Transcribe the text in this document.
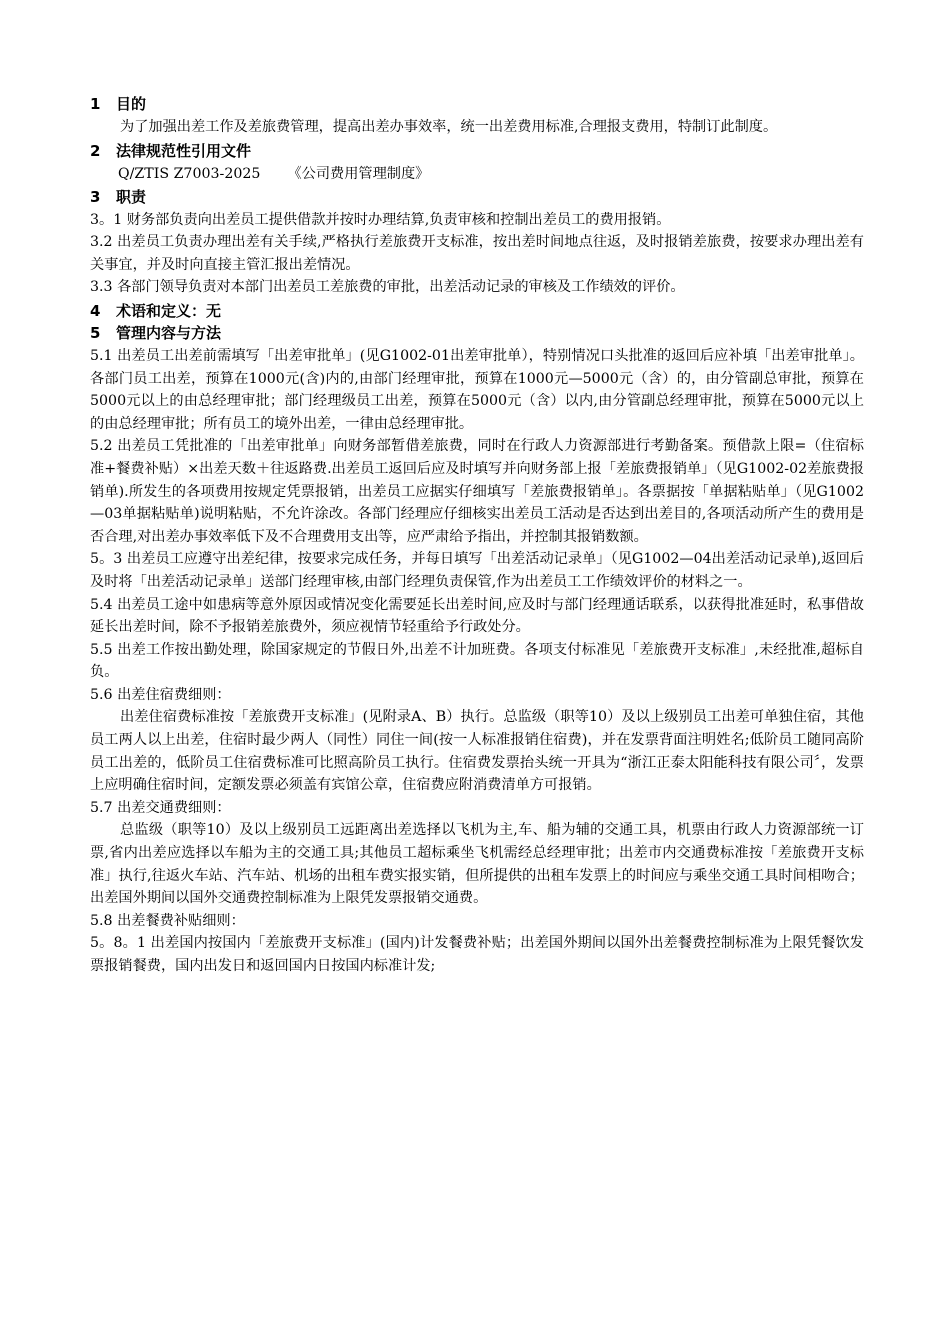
1 目的

为了加强出差工作及差旅费管理，提高出差办事效率，统一出差费用标准,合理报支费用，特制订此制度。

2 法律规范性引用文件

Q/ZTIS Z7003-2025      《公司费用管理制度》

3 职责

3。1 财务部负责向出差员工提供借款并按时办理结算,负责审核和控制出差员工的费用报销。

3.2 出差员工负责办理出差有关手续,严格执行差旅费开支标准，按出差时间地点往返，及时报销差旅费，按要求办理出差有关事宜，并及时向直接主管汇报出差情况。

3.3 各部门领导负责对本部门出差员工差旅费的审批，出差活动记录的审核及工作绩效的评价。

4 术语和定义：无
5 管理内容与方法

5.1 出差员工出差前需填写「出差审批单」(见G1002-01出差审批单），特别情况口头批准的返回后应补填「出差审批单」。各部门员工出差，预算在1000元(含)内的,由部门经理审批，预算在1000元—5000元（含）的，由分管副总审批，预算在5000元以上的由总经理审批；部门经理级员工出差，预算在5000元（含）以内,由分管副总经理审批，预算在5000元以上的由总经理审批；所有员工的境外出差，一律由总经理审批。

5.2 出差员工凭批准的「出差审批单」向财务部暂借差旅费，同时在行政人力资源部进行考勤备案。预借款上限=（住宿标准+餐费补贴）×出差天数＋往返路费.出差员工返回后应及时填写并向财务部上报「差旅费报销单」（见G1002-02差旅费报销单).所发生的各项费用按规定凭票报销，出差员工应据实仔细填写「差旅费报销单」。各票据按「单据粘贴单」（见G1002—03单据粘贴单)说明粘贴，不允许涂改。各部门经理应仔细核实出差员工活动是否达到出差目的,各项活动所产生的费用是否合理,对出差办事效率低下及不合理费用支出等，应严肃给予指出，并控制其报销数额。

5。3 出差员工应遵守出差纪律，按要求完成任务，并每日填写「出差活动记录单」（见G1002—04出差活动记录单),返回后及时将「出差活动记录单」送部门经理审核,由部门经理负责保管,作为出差员工工作绩效评价的材料之一。

5.4 出差员工途中如患病等意外原因或情况变化需要延长出差时间,应及时与部门经理通话联系，以获得批准延时，私事借故延长出差时间，除不予报销差旅费外，须应视情节轻重给予行政处分。

5.5 出差工作按出勤处理，除国家规定的节假日外,出差不计加班费。各项支付标准见「差旅费开支标准」,未经批准,超标自负。

5.6 出差住宿费细则：

出差住宿费标准按「差旅费开支标准」(见附录A、B）执行。总监级（职等10）及以上级别员工出差可单独住宿，其他员工两人以上出差，住宿时最少两人（同性）同住一间(按一人标准报销住宿费)，并在发票背面注明姓名;低阶员工随同高阶员工出差的，低阶员工住宿费标准可比照高阶员工执行。住宿费发票抬头统一开具为“浙江正泰太阳能科技有限公司〞，发票上应明确住宿时间，定额发票必须盖有宾馆公章，住宿费应附消费清单方可报销。

5.7 出差交通费细则：

总监级（职等10）及以上级别员工远距离出差选择以飞机为主,车、船为辅的交通工具，机票由行政人力资源部统一订票,省内出差应选择以车船为主的交通工具;其他员工超标乘坐飞机需经总经理审批；出差市内交通费标准按「差旅费开支标准」执行,往返火车站、汽车站、机场的出租车费实报实销，但所提供的出租车发票上的时间应与乘坐交通工具时间相吻合；出差国外期间以国外交通费控制标准为上限凭发票报销交通费。

5.8 出差餐费补贴细则：

5。8。1 出差国内按国内「差旅费开支标准」(国内)计发餐费补贴；出差国外期间以国外出差餐费控制标准为上限凭餐饮发票报销餐费，国内出发日和返回国内日按国内标准计发;
